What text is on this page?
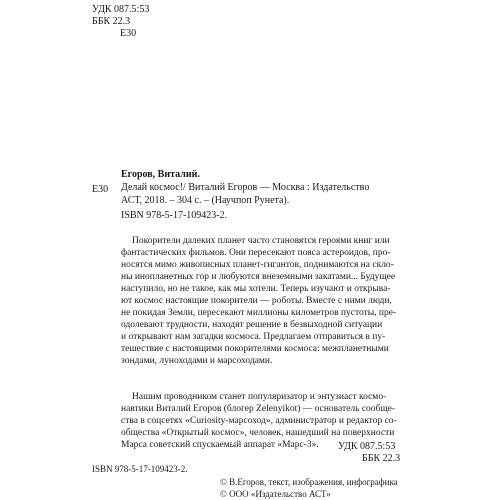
УДК 087.5:53
ББК 22.3
Е30
Егоров, Виталий.
Е30 Делай космос!/ Виталий Егоров — Москва : Издательство
АСТ, 2018. – 304 с. – (Научпоп Рунета).
ISBN 978-5-17-109423-2.
Покорители далеких планет часто становятся героями книг или
фантастических фильмов. Они пересекают пояса астероидов, про-
носятся мимо живописных планет-гигантов, поднимаются на скло-
ны инопланетных гор и любуются внеземными закатами... Будущее
наступило, но не такое, как мы хотели. Теперь изучают и открыва-
ют космос настоящие покорители — роботы. Вместе с ними люди,
не покидая Земли, пересекают миллионы километров пустоты, пре-
одолевают трудности, находят решение в безвыходной ситуации
и открывают нам загадки космоса. Предлагаем отправиться в пу-
тешествие с настоящими покорителями космоса: межпланетными
зондами, луноходами и марсоходами.
Нашим проводником станет популяризатор и энтузиаст космо-
навтики Виталий Егоров (блогер Zelenyikot) — основатель сообще-
ства в соцсетях «Curiosity-марсоход», администратор и редактор со-
общества «Открытый космос», человек, нашедший на поверхности
Марса советский спускаемый аппарат «Марс-3».	УДК 087.5:53
ББК 22.3
ISBN 978-5-17-109423-2.
© В.Егоров, текст, изображения, инфографика
© ООО «Издательство АСТ»
